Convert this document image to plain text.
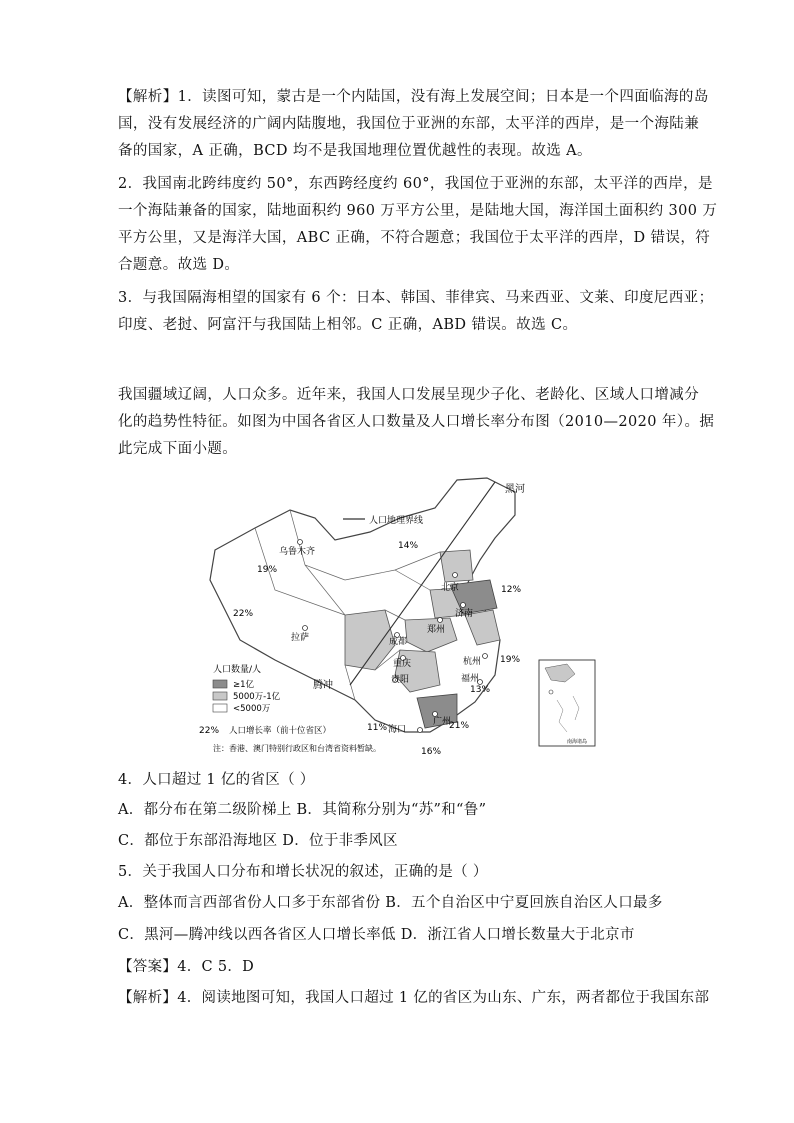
【解析】1．读图可知，蒙古是一个内陆国，没有海上发展空间；日本是一个四面临海的岛
国，没有发展经济的广阔内陆腹地，我国位于亚洲的东部，太平洋的西岸，是一个海陆兼
备的国家，A 正确，BCD 均不是我国地理位置优越性的表现。故选 A。
2．我国南北跨纬度约 50°，东西跨经度约 60°，我国位于亚洲的东部，太平洋的西岸，是
一个海陆兼备的国家，陆地面积约 960 万平方公里，是陆地大国，海洋国土面积约 300 万
平方公里，又是海洋大国，ABC 正确，不符合题意；我国位于太平洋的西岸，D 错误，符
合题意。故选 D。
3．与我国隔海相望的国家有 6 个：日本、韩国、菲律宾、马来西亚、文莱、印度尼西亚；
印度、老挝、阿富汗与我国陆上相邻。C 正确，ABD 错误。故选 C。
我国疆域辽阔，人口众多。近年来，我国人口发展呈现少子化、老龄化、区域人口增减分
化的趋势性特征。如图为中国各省区人口数量及人口增长率分布图（2010—2020 年）。据
此完成下面小题。
人口地理界线
黑河
腾冲
乌鲁木齐
北京
济南
郑州
拉萨	成都
重庆
贵阳
杭州
福州
广州
海口
14%
19%
12%
22%
19%
13%
11%	21%
人口数量/人
≥1亿
5000万-1亿
<5000万
22% 人口增长率（前十位省区）
注：香港、澳门特别行政区和台湾省资料暂缺。	16%
南海诸岛
4．人口超过 1 亿的省区（ ）
A．都分布在第二级阶梯上 B．其简称分别为“苏”和“鲁”
C．都位于东部沿海地区 D．位于非季风区
5．关于我国人口分布和增长状况的叙述，正确的是（ ）
A．整体而言西部省份人口多于东部省份 B．五个自治区中宁夏回族自治区人口最多
C．黑河—腾冲线以西各省区人口增长率低 D．浙江省人口增长数量大于北京市
【答案】4．C 5．D
【解析】4．阅读地图可知，我国人口超过 1 亿的省区为山东、广东，两者都位于我国东部
